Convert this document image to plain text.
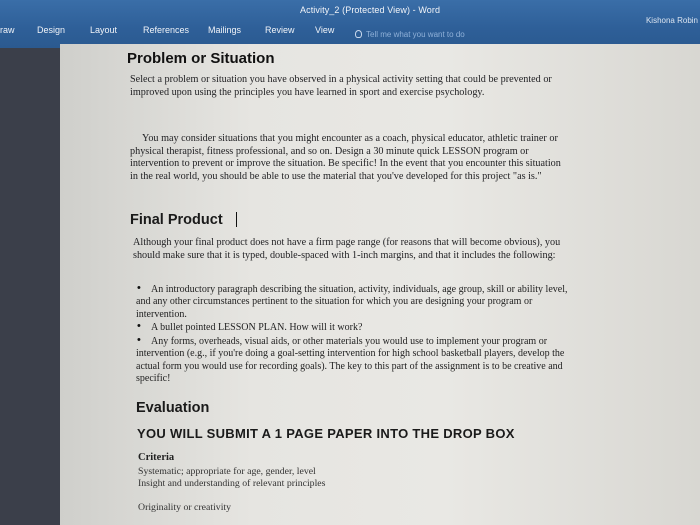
Activity_2 (Protected View) - Word
Kishona Robin
raw Design	Layout	References Mailings	Review View	Tell me what you want to do
Problem or Situation
Select a problem or situation you have observed in a physical activity setting that could be prevented or improved upon using the principles you have learned in sport and exercise psychology.
You may consider situations that you might encounter as a coach, physical educator, athletic trainer or physical therapist, fitness professional, and so on. Design a 30 minute quick LESSON program or intervention to prevent or improve the situation. Be specific! In the event that you encounter this situation in the real world, you should be able to use the material that you've developed for this project "as is."
Final Product
Although your final product does not have a firm page range (for reasons that will become obvious), you should make sure that it is typed, double-spaced with 1-inch margins, and that it includes the following:
•	An introductory paragraph describing the situation, activity, individuals, age group, skill or ability level, and any other circumstances pertinent to the situation for which you are designing your program or intervention.
•	A bullet pointed LESSON PLAN. How will it work?
•	Any forms, overheads, visual aids, or other materials you would use to implement your program or intervention (e.g., if you're doing a goal-setting intervention for high school basketball players, develop the actual form you would use for recording goals). The key to this part of the assignment is to be creative and specific!
Evaluation
YOU WILL SUBMIT A 1 PAGE PAPER INTO THE DROP BOX
Criteria
Systematic; appropriate for age, gender, level
Insight and understanding of relevant principles
Originality or creativity
